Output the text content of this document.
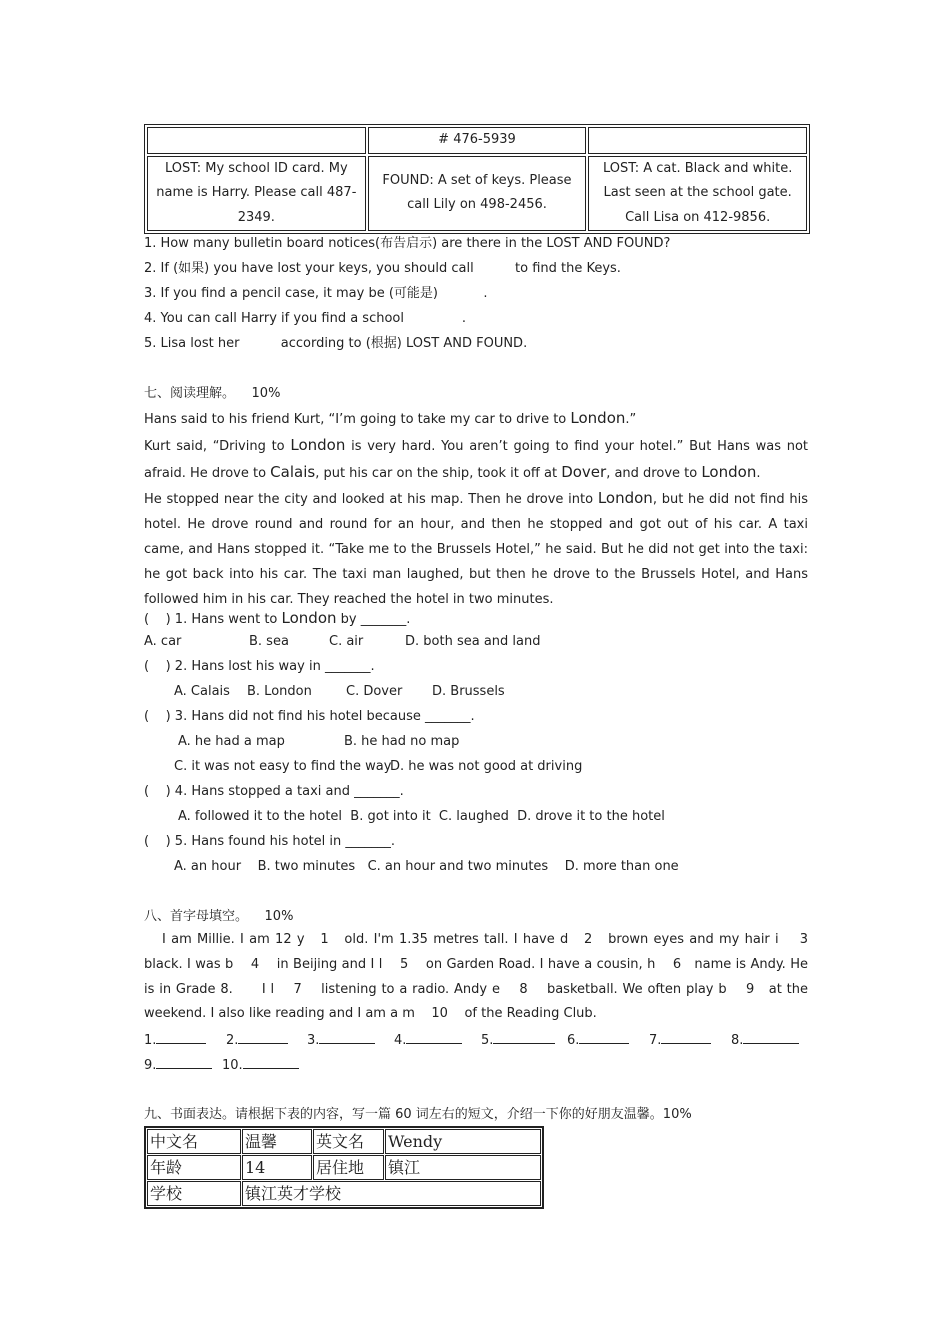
	# 476-5939	
LOST: My school ID card. My name is Harry. Please call 487-2349.	FOUND: A set of keys. Please call Lily on 498-2456.	LOST: A cat. Black and white. Last seen at the school gate. Call Lisa on 412-9856.
1. How many bulletin board notices(布告启示) are there in the LOST AND FOUND?
2. If (如果) you have lost your keys, you should call          to find the Keys.
3. If you find a pencil case, it may be (可能是)           .
4. You can call Harry if you find a school              .
5. Lisa lost her          according to (根据) LOST AND FOUND.
七、阅读理解。    10%
Hans said to his friend Kurt, “I’m going to take my car to drive to London.”
Kurt said, “Driving to London is very hard. You aren’t going to find your hotel.” But Hans was not afraid. He drove to Calais, put his car on the ship, took it off at Dover, and drove to London.
He stopped near the city and looked at his map. Then he drove into London, but he did not find his hotel. He drove round and round for an hour, and then he stopped and got out of his car. A taxi came, and Hans stopped it. “Take me to the Brussels Hotel,” he said. But he did not get into the taxi: he got back into his car. The taxi man laughed, but then he drove to the Brussels Hotel, and Hans followed him in his car. They reached the hotel in two minutes.
(    ) 1. Hans went to London by _______.
A. car	B. sea	C. air	D. both sea and land
(    ) 2. Hans lost his way in _______.
A. Calais B. London	C. Dover D. Brussels
(    ) 3. Hans did not find his hotel because _______.
A. he had a map	B. he had no map
C. it was not easy to find the way
D. he was not good at driving
(    ) 4. Hans stopped a taxi and _______.
A. followed it to the hotel  B. got into it  C. laughed  D. drove it to the hotel
(    ) 5. Hans found his hotel in _______.
A. an hour    B. two minutes   C. an hour and two minutes    D. more than one
八、首字母填空。    10%
I am Millie. I am 12 y   1   old. I'm 1.35 metres tall. I have d   2   brown eyes and my hair i    3    black. I was b    4    in Beijing and I l    5    on Garden Road. I have a cousin, h    6   name is Andy. He is in Grade 8.      I l    7    listening to a radio. Andy e    8    basketball. We often play b    9   at the weekend. I also like reading and I am a m    10    of the Reading Club.
1.	2.	3.	4.	5.	6.	7.	8.
9.	10.
九、书面表达。请根据下表的内容，写一篇 60 词左右的短文，介绍一下你的好朋友温馨。10%
中文名	温馨	英文名	Wendy
年龄	14	居住地	镇江
学校	镇江英才学校		
